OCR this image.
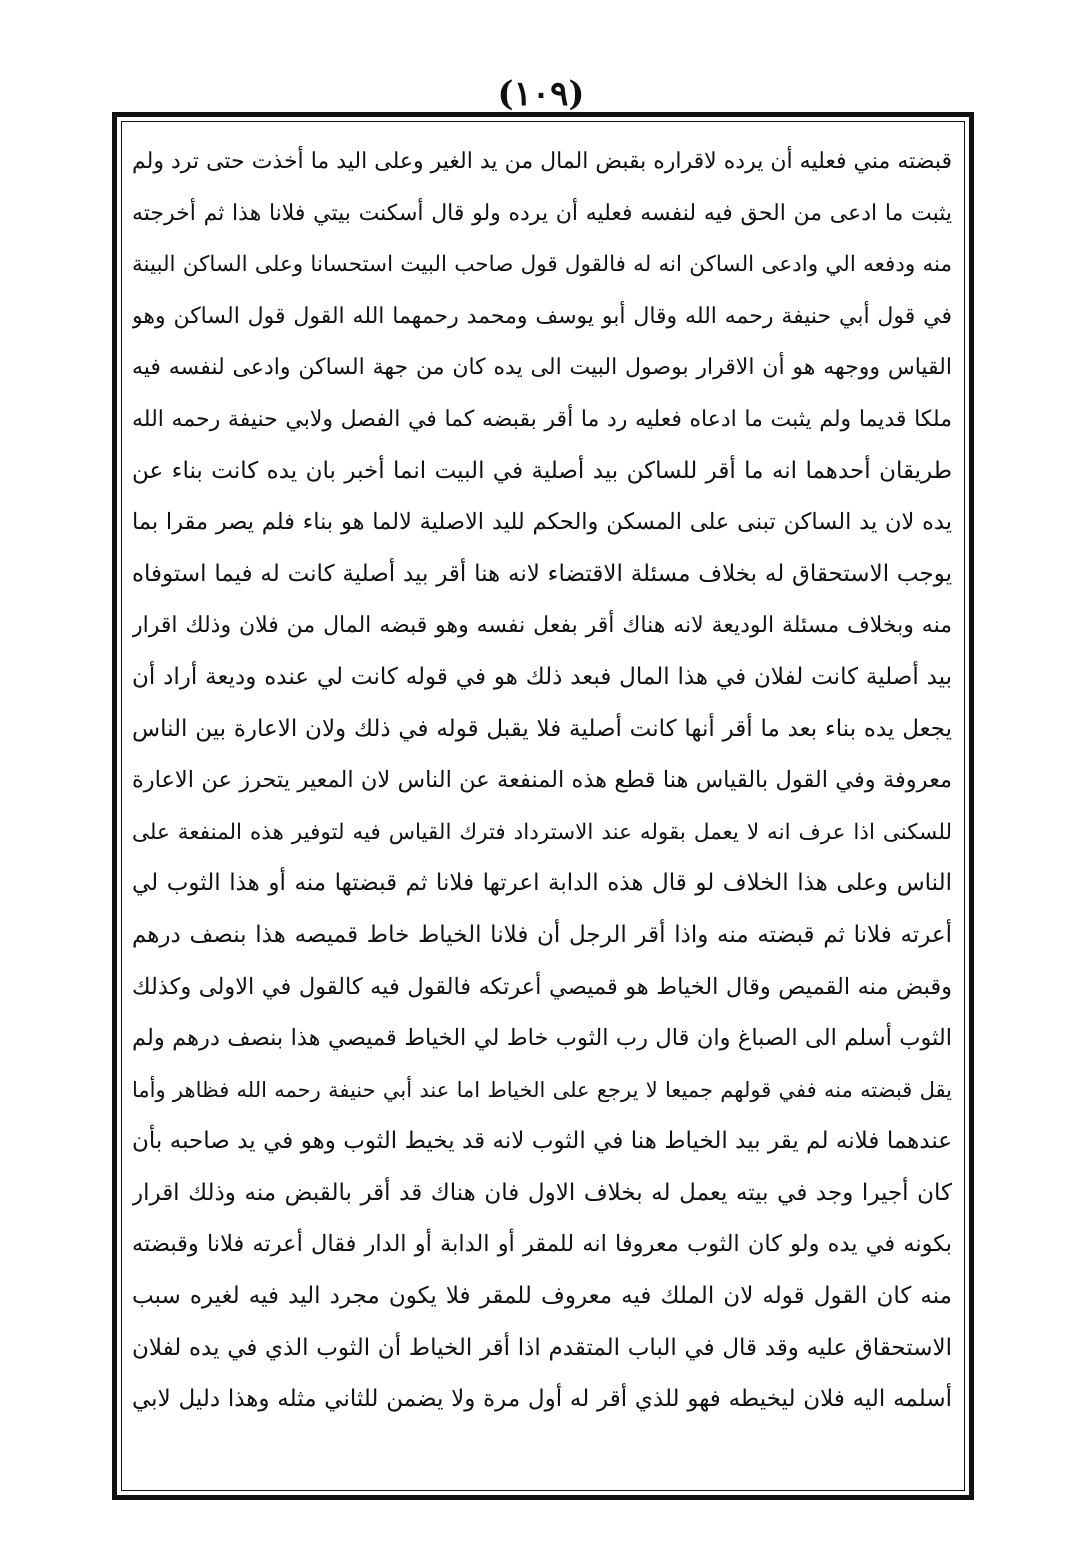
(١٠٩)
قبضته مني فعليه أن يرده لاقراره بقبض المال من يد الغير وعلى اليد ما أخذت حتى ترد ولم
يثبت ما ادعى من الحق فيه لنفسه فعليه أن يرده ولو قال أسكنت بيتي فلانا هذا ثم أخرجته
منه ودفعه الي وادعى الساكن انه له فالقول قول صاحب البيت استحسانا وعلى الساكن البينة
في قول أبي حنيفة رحمه الله وقال أبو يوسف ومحمد رحمهما الله القول قول الساكن وهو
القياس ووجهه هو أن الاقرار بوصول البيت الى يده كان من جهة الساكن وادعى لنفسه فيه
ملكا قديما ولم يثبت ما ادعاه فعليه رد ما أقر بقبضه كما في الفصل ولابي حنيفة رحمه الله
طريقان أحدهما انه ما أقر للساكن بيد أصلية في البيت انما أخبر بان يده كانت بناء عن
يده لان يد الساكن تبنى على المسكن والحكم لليد الاصلية لالما هو بناء فلم يصر مقرا بما
يوجب الاستحقاق له بخلاف مسئلة الاقتضاء لانه هنا أقر بيد أصلية كانت له فيما استوفاه
منه وبخلاف مسئلة الوديعة لانه هناك أقر بفعل نفسه وهو قبضه المال من فلان وذلك اقرار
بيد أصلية كانت لفلان في هذا المال فبعد ذلك هو في قوله كانت لي عنده وديعة أراد أن
يجعل يده بناء بعد ما أقر أنها كانت أصلية فلا يقبل قوله في ذلك ولان الاعارة بين الناس
معروفة وفي القول بالقياس هنا قطع هذه المنفعة عن الناس لان المعير يتحرز عن الاعارة
للسكنى اذا عرف انه لا يعمل بقوله عند الاسترداد فترك القياس فيه لتوفير هذه المنفعة على
الناس وعلى هذا الخلاف لو قال هذه الدابة اعرتها فلانا ثم قبضتها منه أو هذا الثوب لي
أعرته فلانا ثم قبضته منه واذا أقر الرجل أن فلانا الخياط خاط قميصه هذا بنصف درهم
وقبض منه القميص وقال الخياط هو قميصي أعرتكه فالقول فيه كالقول في الاولى وكذلك
الثوب أسلم الى الصباغ وان قال رب الثوب خاط لي الخياط قميصي هذا بنصف درهم ولم
يقل قبضته منه ففي قولهم جميعا لا يرجع على الخياط اما عند أبي حنيفة رحمه الله فظاهر وأما
عندهما فلانه لم يقر بيد الخياط هنا في الثوب لانه قد يخيط الثوب وهو في يد صاحبه بأن
كان أجيرا وجد في بيته يعمل له بخلاف الاول فان هناك قد أقر بالقبض منه وذلك اقرار
بكونه في يده ولو كان الثوب معروفا انه للمقر أو الدابة أو الدار فقال أعرته فلانا وقبضته
منه كان القول قوله لان الملك فيه معروف للمقر فلا يكون مجرد اليد فيه لغيره سبب
الاستحقاق عليه وقد قال في الباب المتقدم اذا أقر الخياط أن الثوب الذي في يده لفلان
أسلمه اليه فلان ليخيطه فهو للذي أقر له أول مرة ولا يضمن للثاني مثله وهذا دليل لابي
